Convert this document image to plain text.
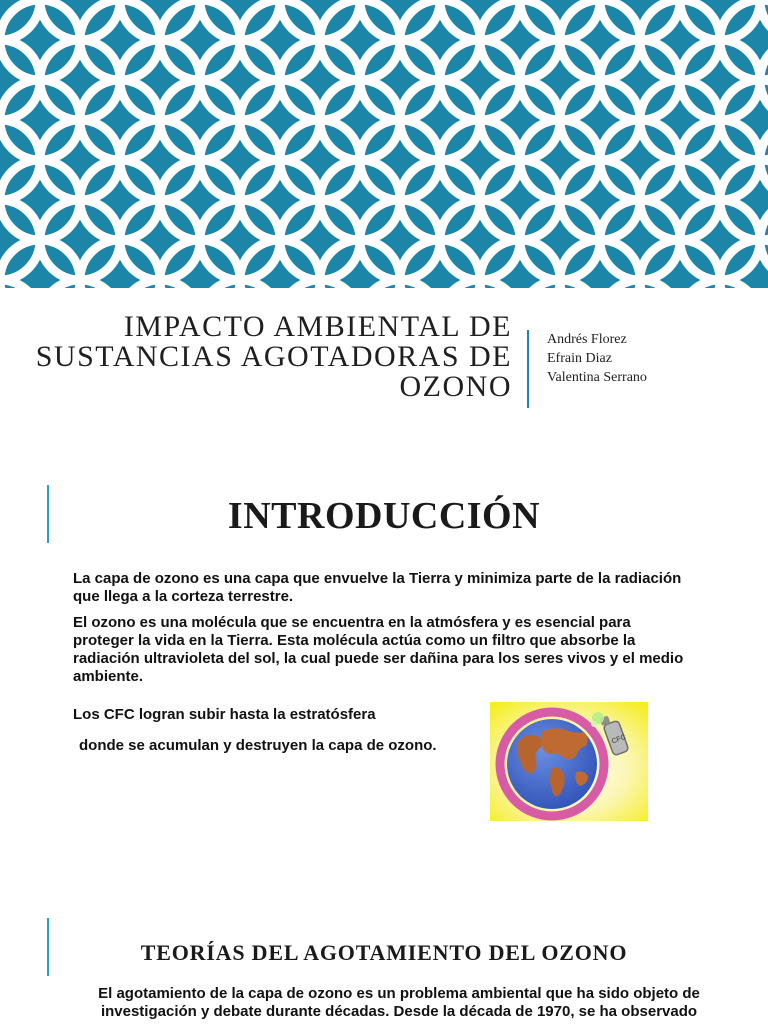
IMPACTO AMBIENTAL DE SUSTANCIAS AGOTADORAS DE OZONO
Andrés Florez
Efrain Diaz
Valentina Serrano
INTRODUCCIÓN

La capa de ozono es una capa que envuelve la Tierra y minimiza parte de la radiación que llega a la corteza terrestre.

El ozono es una molécula que se encuentra en la atmósfera y es esencial para proteger la vida en la Tierra. Esta molécula actúa como un filtro que absorbe la radiación ultravioleta del sol, la cual puede ser dañina para los seres vivos y el medio ambiente.

Los CFC logran subir hasta la estratósfera
donde se acumulan y destruyen la capa de ozono.	CFC
TEORÍAS DEL AGOTAMIENTO DEL OZONO
El agotamiento de la capa de ozono es un problema ambiental que ha sido objeto de investigación y debate durante décadas. Desde la década de 1970, se ha observado
